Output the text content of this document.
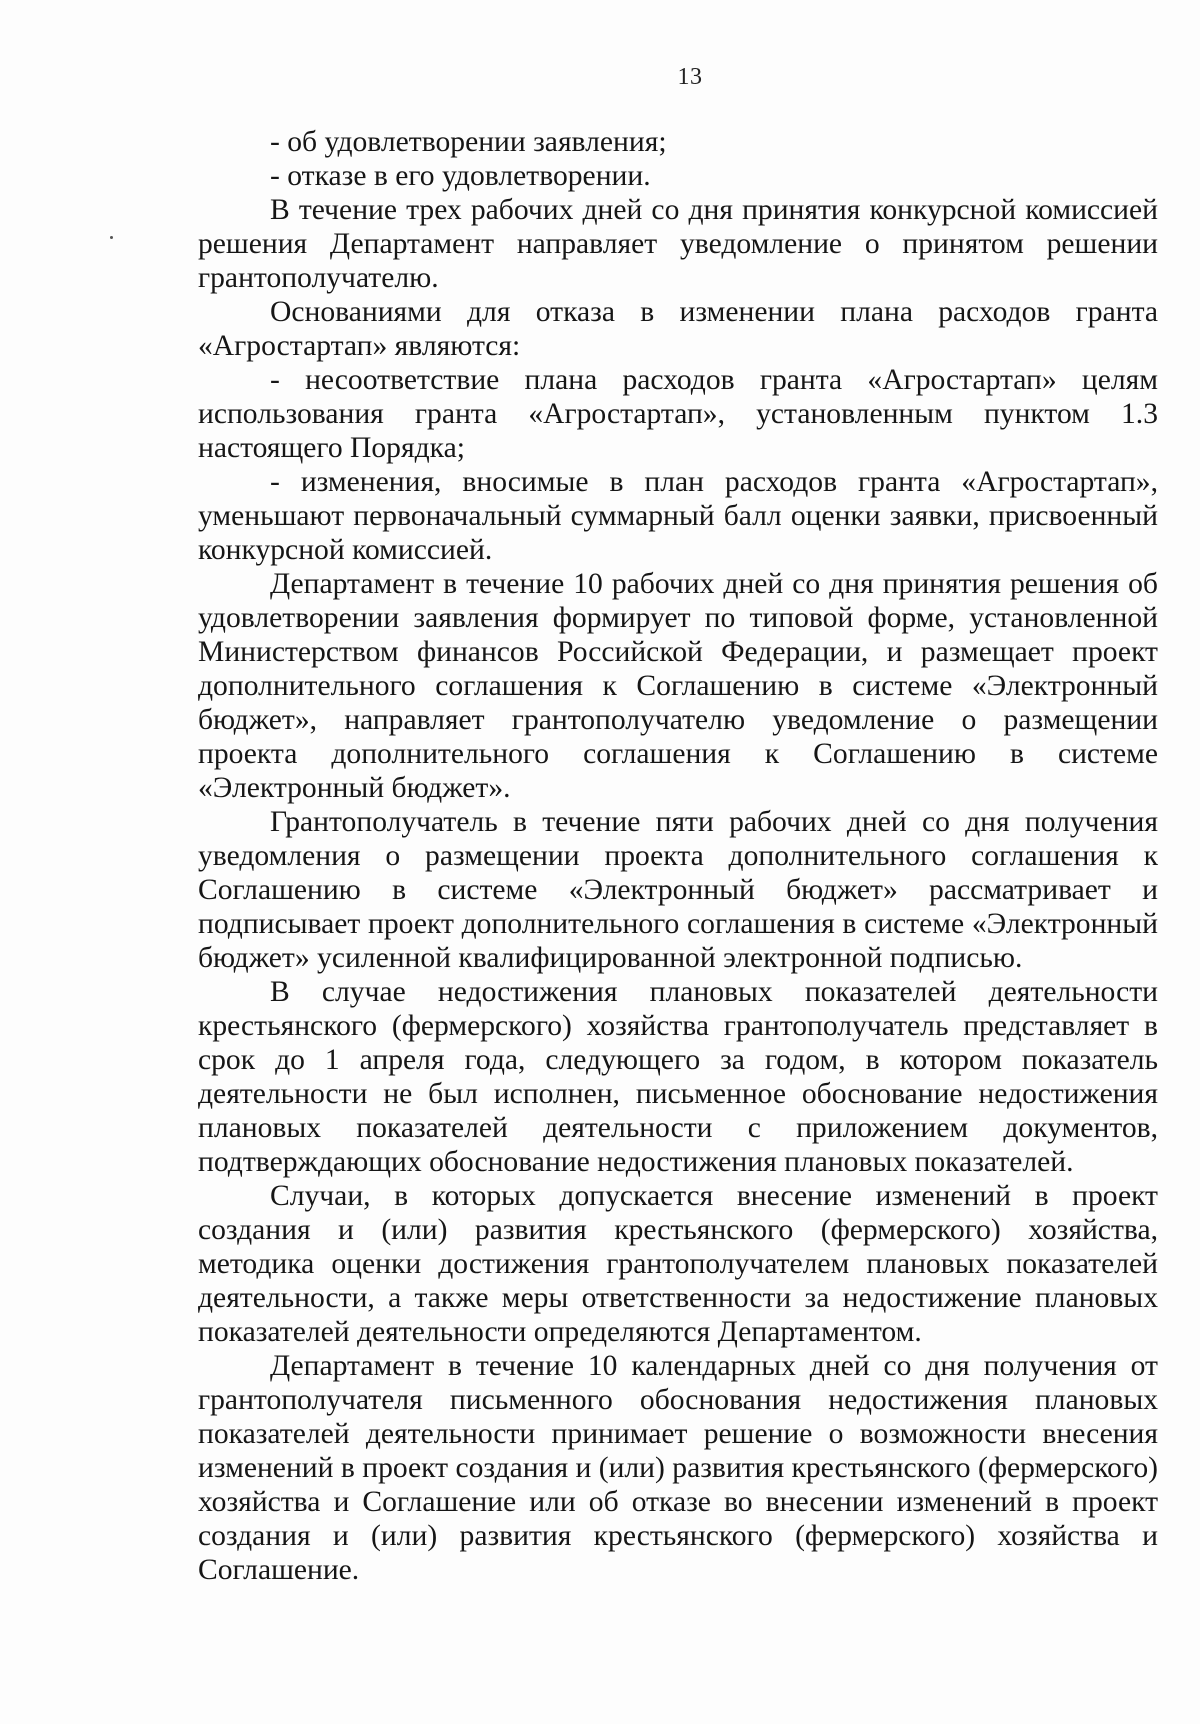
13

- об удовлетворении заявления;

- отказе в его удовлетворении.

В течение трех рабочих дней со дня принятия конкурсной комиссией решения Департамент направляет уведомление о принятом решении грантополучателю.

Основаниями для отказа в изменении плана расходов гранта «Агростартап» являются:

- несоответствие плана расходов гранта «Агростартап» целям использования гранта «Агростартап», установленным пунктом 1.3 настоящего Порядка;

- изменения, вносимые в план расходов гранта «Агростартап», уменьшают первоначальный суммарный балл оценки заявки, присвоенный конкурсной комиссией.

Департамент в течение 10 рабочих дней со дня принятия решения об удовлетворении заявления формирует по типовой форме, установленной Министерством финансов Российской Федерации, и размещает проект дополнительного соглашения к Соглашению в системе «Электронный бюджет», направляет грантополучателю уведомление о размещении проекта дополнительного соглашения к Соглашению в системе «Электронный бюджет».

Грантополучатель в течение пяти рабочих дней со дня получения уведомления о размещении проекта дополнительного соглашения к Соглашению в системе «Электронный бюджет» рассматривает и подписывает проект дополнительного соглашения в системе «Электронный бюджет» усиленной квалифицированной электронной подписью.

В случае недостижения плановых показателей деятельности крестьянского (фермерского) хозяйства грантополучатель представляет в срок до 1 апреля года, следующего за годом, в котором показатель деятельности не был исполнен, письменное обоснование недостижения плановых показателей деятельности с приложением документов, подтверждающих обоснование недостижения плановых показателей.

Случаи, в которых допускается внесение изменений в проект создания и (или) развития крестьянского (фермерского) хозяйства, методика оценки достижения грантополучателем плановых показателей деятельности, а также меры ответственности за недостижение плановых показателей деятельности определяются Департаментом.

Департамент в течение 10 календарных дней со дня получения от грантополучателя письменного обоснования недостижения плановых показателей деятельности принимает решение о возможности внесения изменений в проект создания и (или) развития крестьянского (фермерского) хозяйства и Соглашение или об отказе во внесении изменений в проект создания и (или) развития крестьянского (фермерского) хозяйства и Соглашение.
